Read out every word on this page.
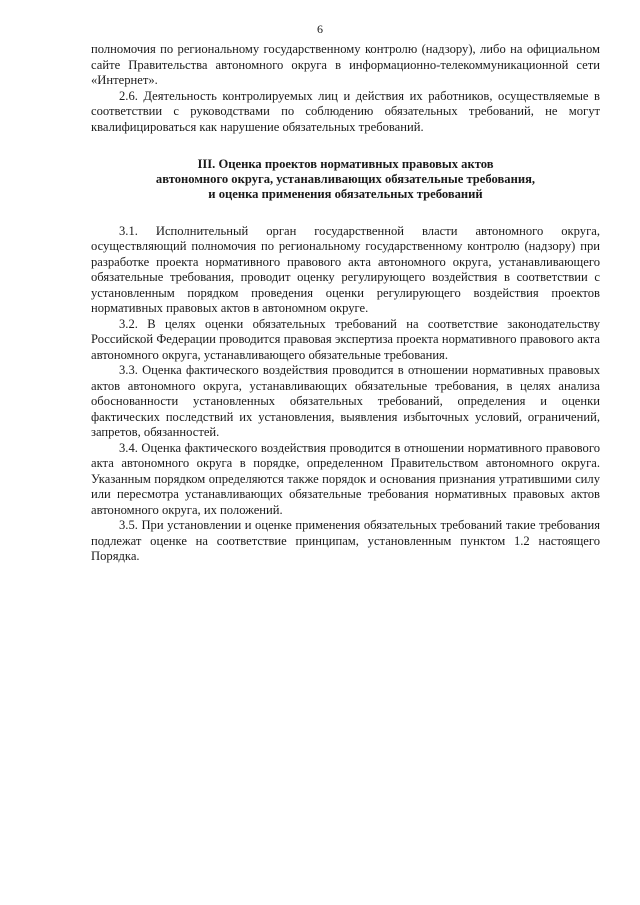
6

полномочия по региональному государственному контролю (надзору), либо на официальном сайте Правительства автономного округа в информационно-телекоммуникационной сети «Интернет».

2.6. Деятельность контролируемых лиц и действия их работников, осуществляемые в соответствии с руководствами по соблюдению обязательных требований, не могут квалифицироваться как нарушение обязательных требований.

III. Оценка проектов нормативных правовых актов
автономного округа, устанавливающих обязательные требования,
и оценка применения обязательных требований

3.1. Исполнительный орган государственной власти автономного округа, осуществляющий полномочия по региональному государственному контролю (надзору) при разработке проекта нормативного правового акта автономного округа, устанавливающего обязательные требования, проводит оценку регулирующего воздействия в соответствии с установленным порядком проведения оценки регулирующего воздействия проектов нормативных правовых актов в автономном округе.

3.2. В целях оценки обязательных требований на соответствие законодательству Российской Федерации проводится правовая экспертиза проекта нормативного правового акта автономного округа, устанавливающего обязательные требования.

3.3. Оценка фактического воздействия проводится в отношении нормативных правовых актов автономного округа, устанавливающих обязательные требования, в целях анализа обоснованности установленных обязательных требований, определения и оценки фактических последствий их установления, выявления избыточных условий, ограничений, запретов, обязанностей.

3.4. Оценка фактического воздействия проводится в отношении нормативного правового акта автономного округа в порядке, определенном Правительством автономного округа. Указанным порядком определяются также порядок и основания признания утратившими силу или пересмотра устанавливающих обязательные требования нормативных правовых актов автономного округа, их положений.

3.5. При установлении и оценке применения обязательных требований такие требования подлежат оценке на соответствие принципам, установленным пунктом 1.2 настоящего Порядка.
